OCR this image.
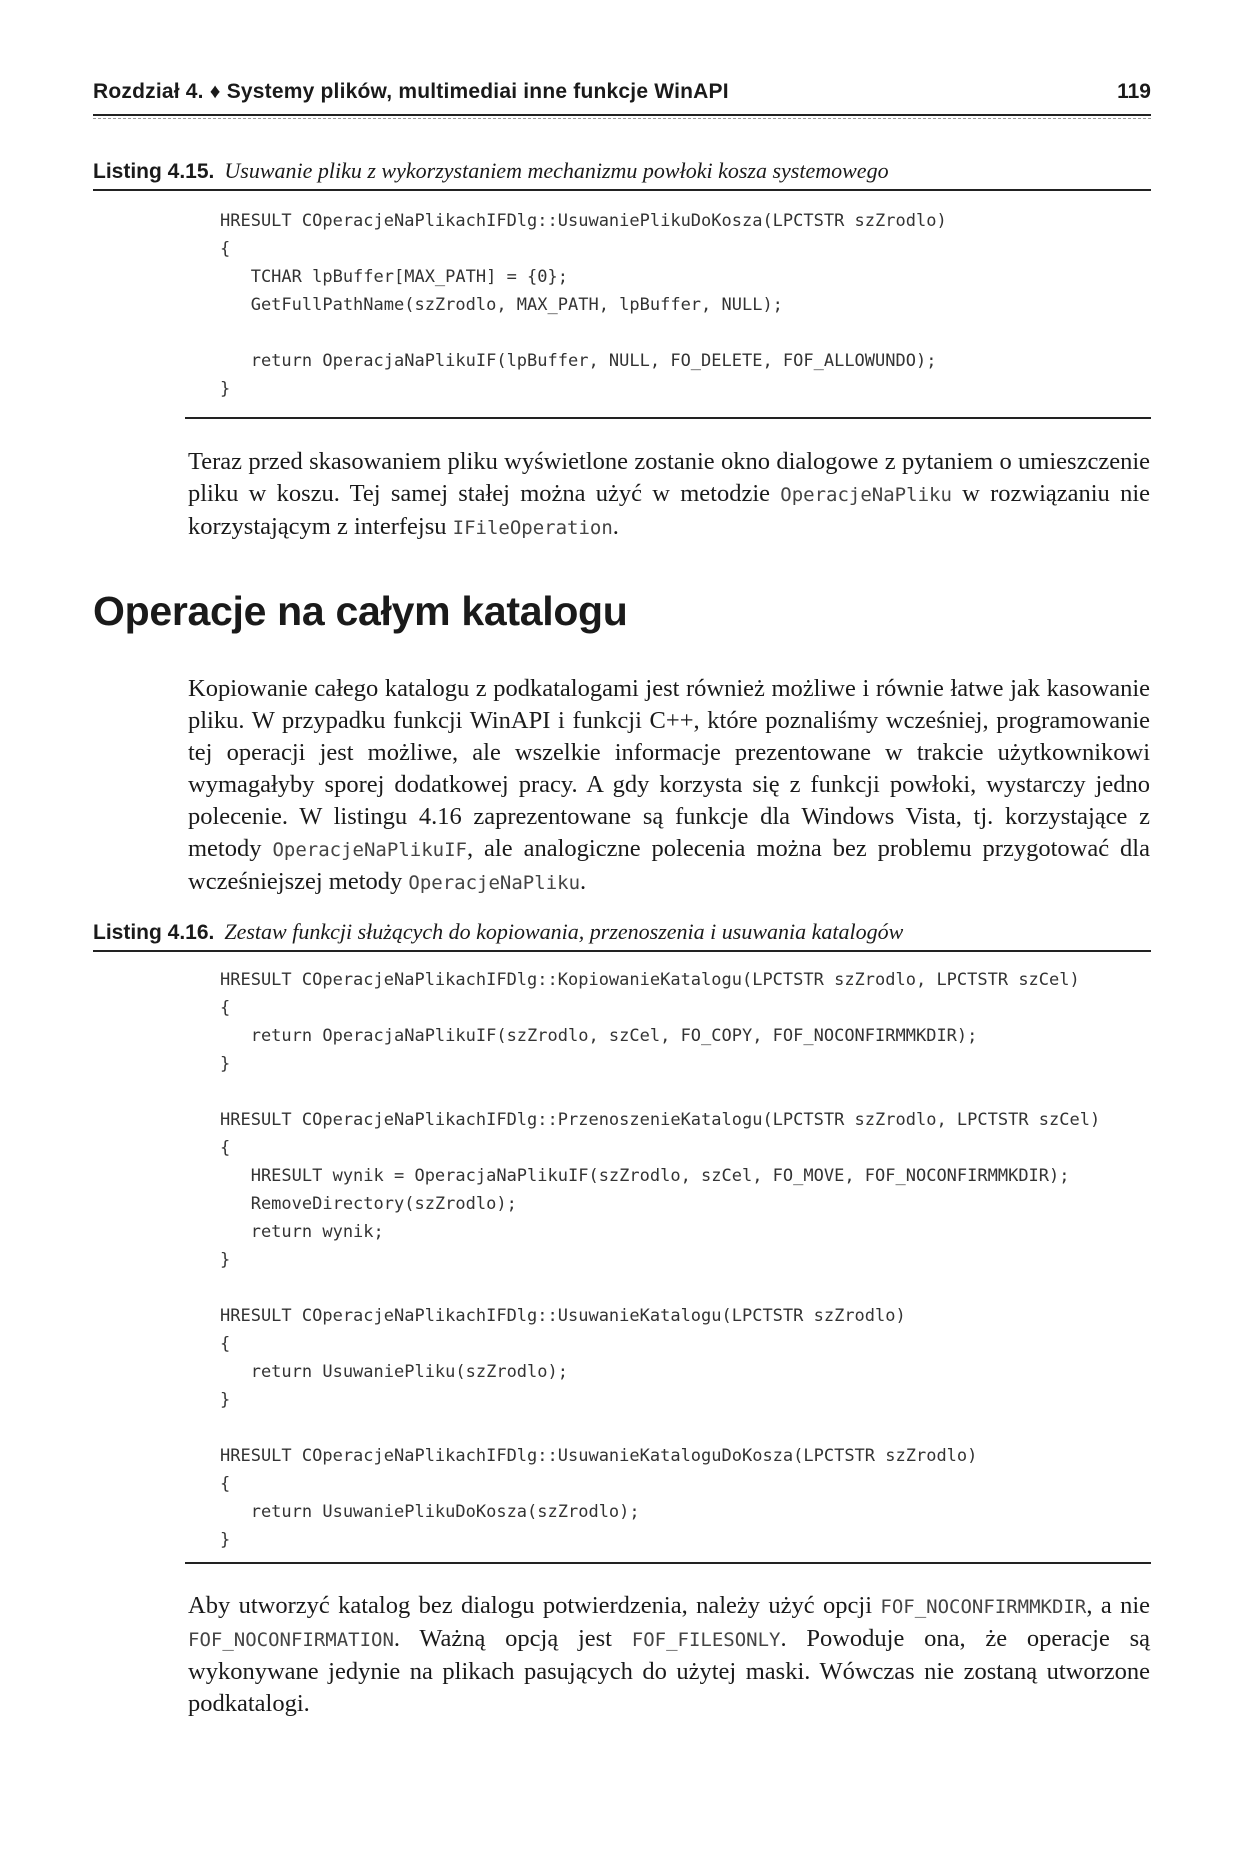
Rozdział 4. ♦ Systemy plików, multimediai inne funkcje WinAPI	119
Listing 4.15. Usuwanie pliku z wykorzystaniem mechanizmu powłoki kosza systemowego
HRESULT COperacjeNaPlikachIFDlg::UsuwaniePlikuDoKosza(LPCTSTR szZrodlo)
{
TCHAR lpBuffer[MAX_PATH] = {0};
GetFullPathName(szZrodlo, MAX_PATH, lpBuffer, NULL);

return OperacjaNaPlikuIF(lpBuffer, NULL, FO_DELETE, FOF_ALLOWUNDO);
}

Teraz przed skasowaniem pliku wyświetlone zostanie okno dialogowe z pytaniem o umieszczenie pliku w koszu. Tej samej stałej można użyć w metodzie OperacjeNaPliku w rozwiązaniu nie korzystającym z interfejsu IFileOperation.

Operacje na całym katalogu

Kopiowanie całego katalogu z podkatalogami jest również możliwe i równie łatwe jak kasowanie pliku. W przypadku funkcji WinAPI i funkcji C++, które poznaliśmy wcześniej, programowanie tej operacji jest możliwe, ale wszelkie informacje prezentowane w trakcie użytkownikowi wymagałyby sporej dodatkowej pracy. A gdy korzysta się z funkcji powłoki, wystarczy jedno polecenie. W listingu 4.16 zaprezentowane są funkcje dla Windows Vista, tj. korzystające z metody OperacjeNaPlikuIF, ale analogiczne polecenia można bez problemu przygotować dla wcześniejszej metody OperacjeNaPliku.

Listing 4.16. Zestaw funkcji służących do kopiowania, przenoszenia i usuwania katalogów
HRESULT COperacjeNaPlikachIFDlg::KopiowanieKatalogu(LPCTSTR szZrodlo, LPCTSTR szCel)
{
return OperacjaNaPlikuIF(szZrodlo, szCel, FO_COPY, FOF_NOCONFIRMMKDIR);
}

HRESULT COperacjeNaPlikachIFDlg::PrzenoszenieKatalogu(LPCTSTR szZrodlo, LPCTSTR szCel)
{
HRESULT wynik = OperacjaNaPlikuIF(szZrodlo, szCel, FO_MOVE, FOF_NOCONFIRMMKDIR);
RemoveDirectory(szZrodlo);
return wynik;
}

HRESULT COperacjeNaPlikachIFDlg::UsuwanieKatalogu(LPCTSTR szZrodlo)
{
return UsuwaniePliku(szZrodlo);
}

HRESULT COperacjeNaPlikachIFDlg::UsuwanieKataloguDoKosza(LPCTSTR szZrodlo)
{
return UsuwaniePlikuDoKosza(szZrodlo);
}

Aby utworzyć katalog bez dialogu potwierdzenia, należy użyć opcji FOF_NOCONFIRMMKDIR, a nie FOF_NOCONFIRMATION. Ważną opcją jest FOF_FILESONLY. Powoduje ona, że operacje są wykonywane jedynie na plikach pasujących do użytej maski. Wówczas nie zostaną utworzone podkatalogi.
